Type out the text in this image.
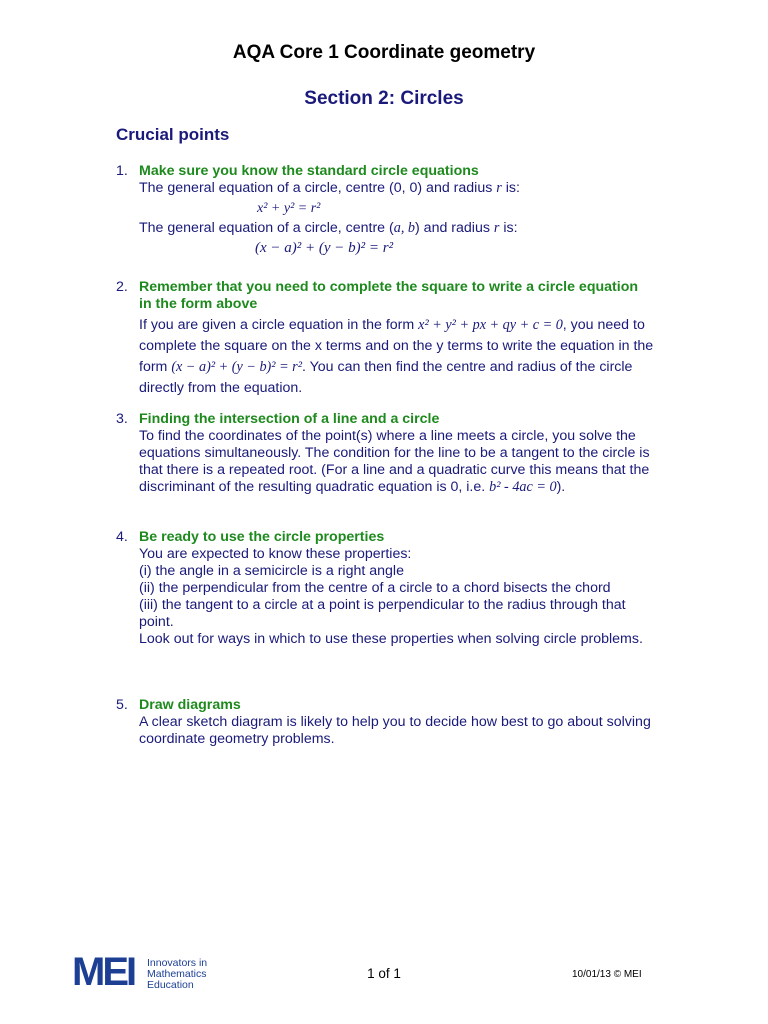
AQA Core 1 Coordinate geometry
Section 2: Circles
Crucial points
1. Make sure you know the standard circle equations
The general equation of a circle, centre (0, 0) and radius r is:
x² + y² = r²
The general equation of a circle, centre (a, b) and radius r is:
(x − a)² + (y − b)² = r²
2. Remember that you need to complete the square to write a circle equation in the form above
If you are given a circle equation in the form x² + y² + px + qy + c = 0, you need to complete the square on the x terms and on the y terms to write the equation in the form (x − a)² + (y − b)² = r². You can then find the centre and radius of the circle directly from the equation.
3. Finding the intersection of a line and a circle
To find the coordinates of the point(s) where a line meets a circle, you solve the equations simultaneously. The condition for the line to be a tangent to the circle is that there is a repeated root. (For a line and a quadratic curve this means that the discriminant of the resulting quadratic equation is 0, i.e. b² - 4ac = 0).
4. Be ready to use the circle properties
You are expected to know these properties:
(i) the angle in a semicircle is a right angle
(ii) the perpendicular from the centre of a circle to a chord bisects the chord
(iii) the tangent to a circle at a point is perpendicular to the radius through that point.
Look out for ways in which to use these properties when solving circle problems.
5. Draw diagrams
A clear sketch diagram is likely to help you to decide how best to go about solving coordinate geometry problems.
MEI Innovators in Mathematics Education
1 of 1	10/01/13 © MEI
